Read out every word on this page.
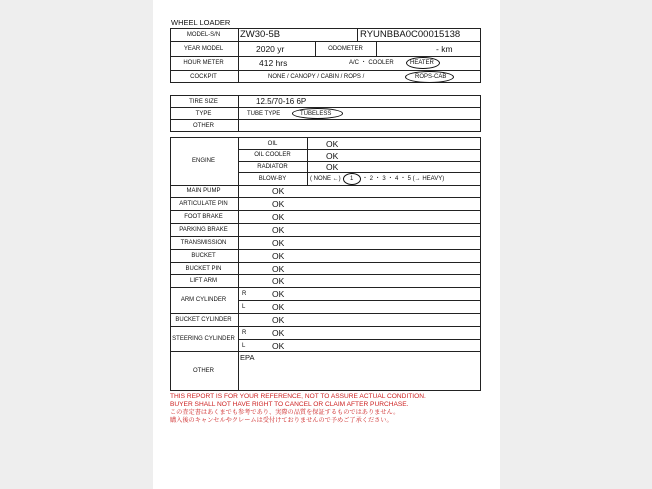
WHEEL LOADER
MODEL-S/N	ZW30-5B	RYUNBBA0C00015138
YEAR MODEL	2020 yr	ODOMETER	- km
HOUR METER	412 hrs	A/C ・ COOLER	HEATER
COCKPIT	NONE / CANOPY / CABIN / ROPS /	ROPS-CAB
TIRE SIZE	12.5/70-16 6P
TYPE	TUBE TYPE	TUBELESS
OTHER
ENGINE
OIL	OK
OIL COOLER	OK
RADIATOR	OK
BLOW-BY	( NONE ←) 1 ・ 2 ・ 3 ・ 4 ・ 5 (→ HEAVY)
MAIN PUMP	OK
ARTICULATE PIN	OK
FOOT BRAKE	OK
PARKING BRAKE	OK
TRANSMISSION	OK
BUCKET	OK
BUCKET PIN	OK
LIFT ARM	OK
ARM CYLINDER
R	OK
L	OK
BUCKET CYLINDER	OK
STEERING CYLINDER
R	OK
L	OK
OTHER
EPA
THIS REPORT IS FOR YOUR REFERENCE, NOT TO ASSURE ACTUAL CONDITION.
BUYER SHALL NOT HAVE RIGHT TO CANCEL OR CLAIM AFTER PURCHASE.
この査定書はあくまでも参考であり、実際の品質を保証するものではありません。
購入後のキャンセルやクレームは受付けておりませんので予めご了承ください。
